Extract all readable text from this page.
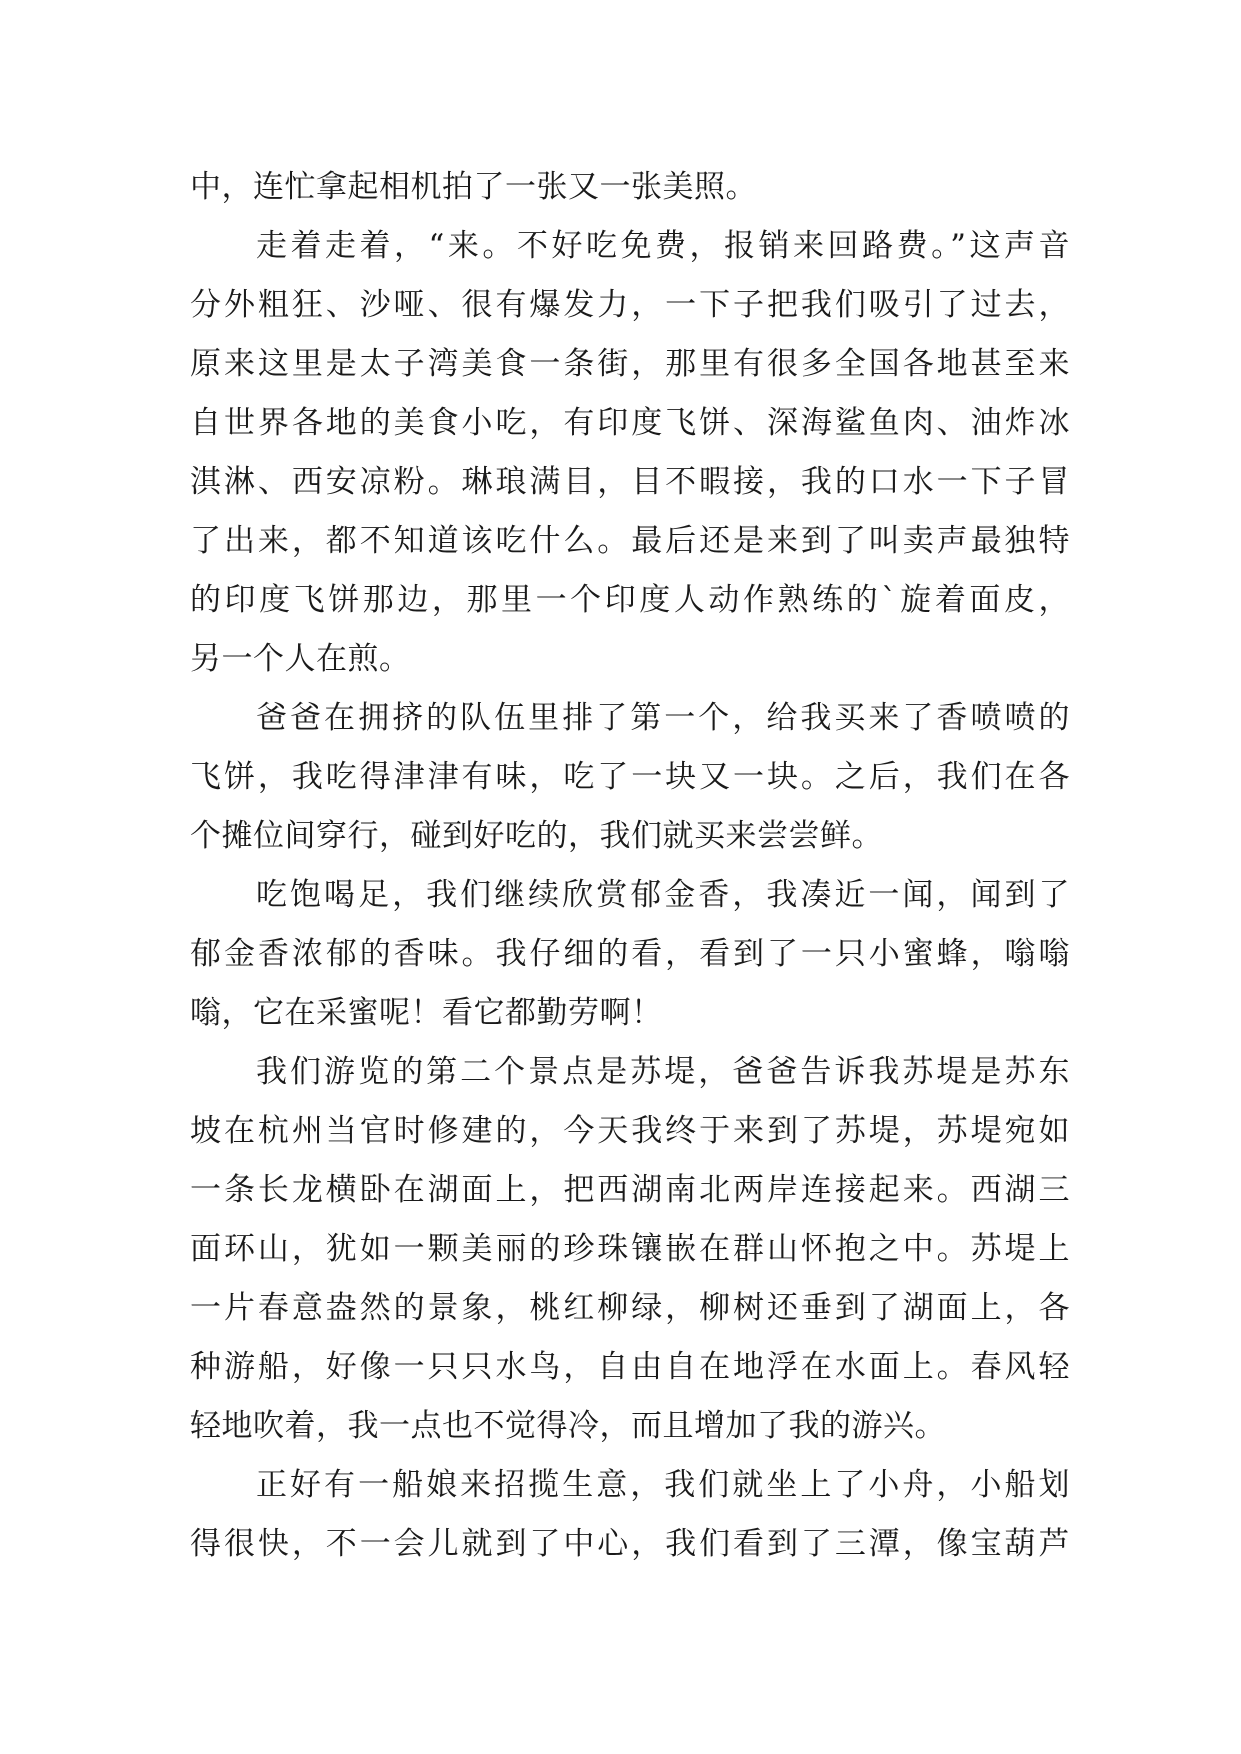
中，连忙拿起相机拍了一张又一张美照。
走着走着，“来。不好吃免费，报销来回路费。”这声音
分外粗狂、沙哑、很有爆发力，一下子把我们吸引了过去，
原来这里是太子湾美食一条街，那里有很多全国各地甚至来
自世界各地的美食小吃，有印度飞饼、深海鲨鱼肉、油炸冰
淇淋、西安凉粉。琳琅满目，目不暇接，我的口水一下子冒
了出来，都不知道该吃什么。最后还是来到了叫卖声最独特
的印度飞饼那边，那里一个印度人动作熟练的`旋着面皮，
另一个人在煎。
爸爸在拥挤的队伍里排了第一个，给我买来了香喷喷的
飞饼，我吃得津津有味，吃了一块又一块。之后，我们在各
个摊位间穿行，碰到好吃的，我们就买来尝尝鲜。
吃饱喝足，我们继续欣赏郁金香，我凑近一闻，闻到了
郁金香浓郁的香味。我仔细的看，看到了一只小蜜蜂，嗡嗡
嗡，它在采蜜呢！看它都勤劳啊！
我们游览的第二个景点是苏堤，爸爸告诉我苏堤是苏东
坡在杭州当官时修建的，今天我终于来到了苏堤，苏堤宛如
一条长龙横卧在湖面上，把西湖南北两岸连接起来。西湖三
面环山，犹如一颗美丽的珍珠镶嵌在群山怀抱之中。苏堤上
一片春意盎然的景象，桃红柳绿，柳树还垂到了湖面上，各
种游船，好像一只只水鸟，自由自在地浮在水面上。春风轻
轻地吹着，我一点也不觉得冷，而且增加了我的游兴。
正好有一船娘来招揽生意，我们就坐上了小舟，小船划
得很快，不一会儿就到了中心，我们看到了三潭，像宝葫芦
